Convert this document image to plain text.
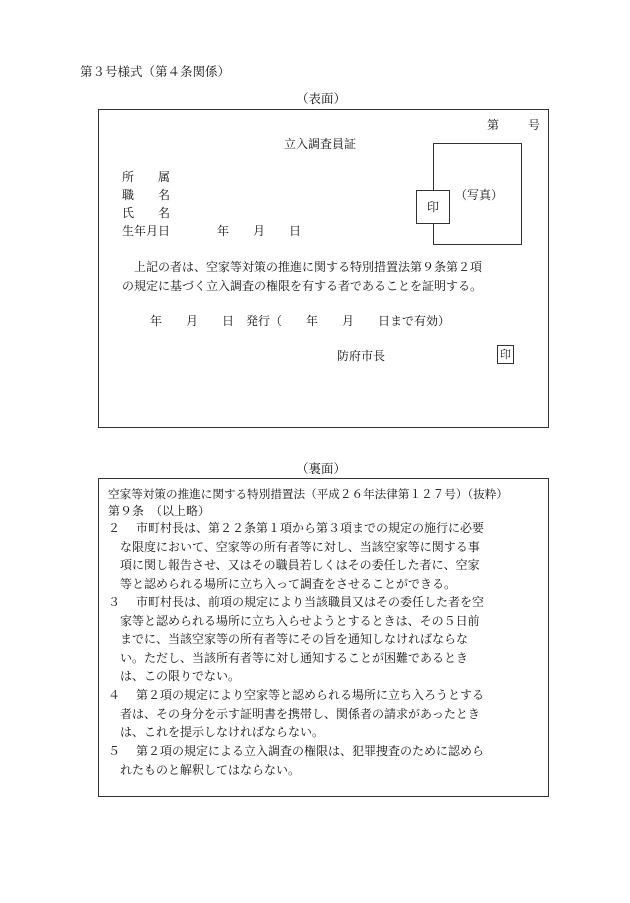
第３号様式（第４条関係）
（表面）
第 号
立入調査員証
所　　属
職　　名
氏　　名
生年月日	年　　月　　日
（写真）
印
　上記の者は、空家等対策の推進に関する特別措置法第９条第２項
の規定に基づく立入調査の権限を有する者であることを証明する。
年　　月　　日　発行（　　年　　月　　日まで有効）
防府市長	印
（裏面）
空家等対策の推進に関する特別措置法（平成２６年法律第１２７号）（抜粋）
第９条　（以上略）
２	市町村長は、第２２条第１項から第３項までの規定の施行に必要
な限度において、空家等の所有者等に対し、当該空家等に関する事
項に関し報告させ、又はその職員若しくはその委任した者に、空家
等と認められる場所に立ち入って調査をさせることができる。
３	市町村長は、前項の規定により当該職員又はその委任した者を空
家等と認められる場所に立ち入らせようとするときは、その５日前
までに、当該空家等の所有者等にその旨を通知しなければならな
い。ただし、当該所有者等に対し通知することが困難であるとき
は、この限りでない。
４	第２項の規定により空家等と認められる場所に立ち入ろうとする
者は、その身分を示す証明書を携帯し、関係者の請求があったとき
は、これを提示しなければならない。
５	第２項の規定による立入調査の権限は、犯罪捜査のために認めら
れたものと解釈してはならない。
